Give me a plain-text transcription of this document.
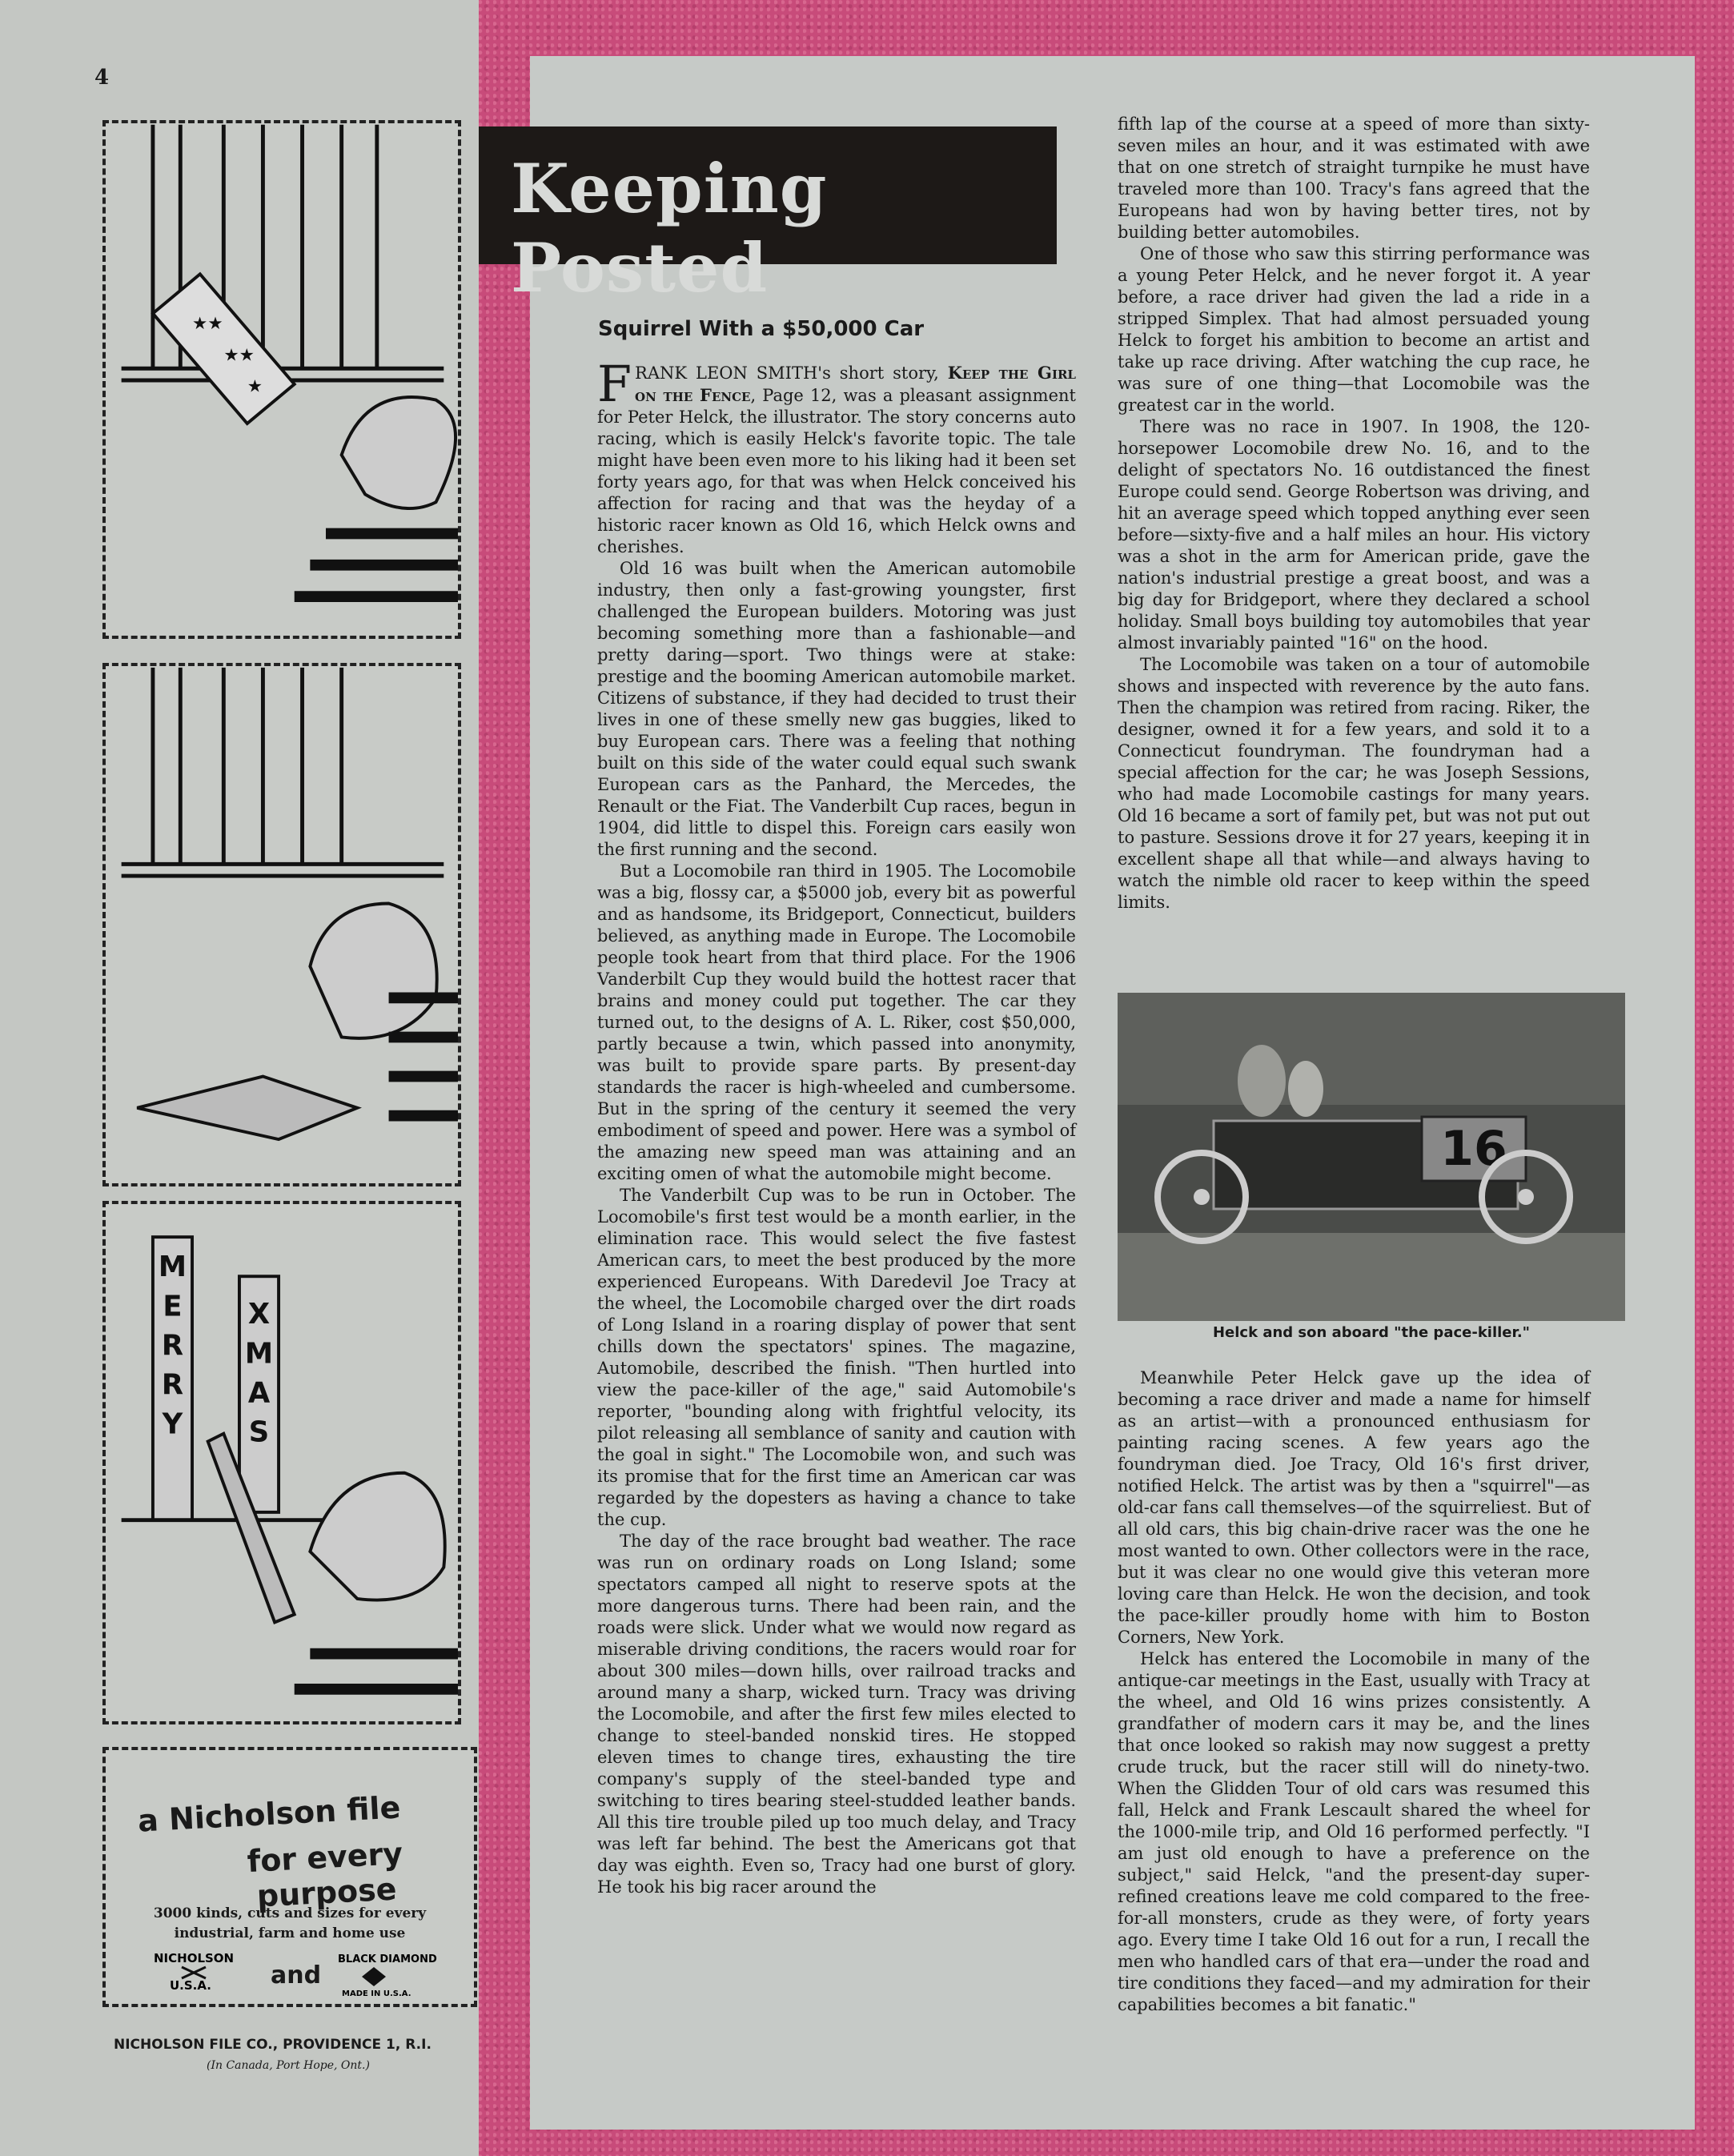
4
★★
★★
★
M
E
R
R
Y
X
M
A
S
a Nicholson file
for every purpose
3000 kinds, cuts and sizes for every industrial, farm and home use
NICHOLSON
U.S.A.
BLACK DIAMOND
MADE IN U.S.A.
and
NICHOLSON FILE CO., PROVIDENCE 1, R.I.
(In Canada, Port Hope, Ont.)
Keeping Posted
Squirrel With a $50,000 Car

FRANK LEON SMITH's short story, Keep the Girl on the Fence, Page 12, was a pleasant assignment for Peter Helck, the illustrator. The story concerns auto racing, which is easily Helck's favorite topic. The tale might have been even more to his liking had it been set forty years ago, for that was when Helck conceived his affection for racing and that was the heyday of a historic racer known as Old 16, which Helck owns and cherishes.

Old 16 was built when the American automobile industry, then only a fast-growing youngster, first challenged the European builders. Motoring was just becoming something more than a fashionable—and pretty daring—sport. Two things were at stake: prestige and the booming American automobile market. Citizens of substance, if they had decided to trust their lives in one of these smelly new gas buggies, liked to buy European cars. There was a feeling that nothing built on this side of the water could equal such swank European cars as the Panhard, the Mercedes, the Renault or the Fiat. The Vanderbilt Cup races, begun in 1904, did little to dispel this. Foreign cars easily won the first running and the second.

But a Locomobile ran third in 1905. The Locomobile was a big, flossy car, a $5000 job, every bit as powerful and as handsome, its Bridgeport, Connecticut, builders believed, as anything made in Europe. The Locomobile people took heart from that third place. For the 1906 Vanderbilt Cup they would build the hottest racer that brains and money could put together. The car they turned out, to the designs of A. L. Riker, cost $50,000, partly because a twin, which passed into anonymity, was built to provide spare parts. By present-day standards the racer is high-wheeled and cumbersome. But in the spring of the century it seemed the very embodiment of speed and power. Here was a symbol of the amazing new speed man was attaining and an exciting omen of what the automobile might become.

The Vanderbilt Cup was to be run in October. The Locomobile's first test would be a month earlier, in the elimination race. This would select the five fastest American cars, to meet the best produced by the more experienced Europeans. With Daredevil Joe Tracy at the wheel, the Locomobile charged over the dirt roads of Long Island in a roaring display of power that sent chills down the spectators' spines. The magazine, Automobile, described the finish. "Then hurtled into view the pace-killer of the age," said Automobile's reporter, "bounding along with frightful velocity, its pilot releasing all semblance of sanity and caution with the goal in sight." The Locomobile won, and such was its promise that for the first time an American car was regarded by the dopesters as having a chance to take the cup.

The day of the race brought bad weather. The race was run on ordinary roads on Long Island; some spectators camped all night to reserve spots at the more dangerous turns. There had been rain, and the roads were slick. Under what we would now regard as miserable driving conditions, the racers would roar for about 300 miles—down hills, over railroad tracks and around many a sharp, wicked turn. Tracy was driving the Locomobile, and after the first few miles elected to change to steel-banded nonskid tires. He stopped eleven times to change tires, exhausting the tire company's supply of the steel-banded type and switching to tires bearing steel-studded leather bands. All this tire trouble piled up too much delay, and Tracy was left far behind. The best the Americans got that day was eighth. Even so, Tracy had one burst of glory. He took his big racer around the

fifth lap of the course at a speed of more than sixty-seven miles an hour, and it was estimated with awe that on one stretch of straight turnpike he must have traveled more than 100. Tracy's fans agreed that the Europeans had won by having better tires, not by building better automobiles.

One of those who saw this stirring performance was a young Peter Helck, and he never forgot it. A year before, a race driver had given the lad a ride in a stripped Simplex. That had almost persuaded young Helck to forget his ambition to become an artist and take up race driving. After watching the cup race, he was sure of one thing—that Locomobile was the greatest car in the world.

There was no race in 1907. In 1908, the 120-horsepower Locomobile drew No. 16, and to the delight of spectators No. 16 outdistanced the finest Europe could send. George Robertson was driving, and hit an average speed which topped anything ever seen before—sixty-five and a half miles an hour. His victory was a shot in the arm for American pride, gave the nation's industrial prestige a great boost, and was a big day for Bridgeport, where they declared a school holiday. Small boys building toy automobiles that year almost invariably painted "16" on the hood.

The Locomobile was taken on a tour of automobile shows and inspected with reverence by the auto fans. Then the champion was retired from racing. Riker, the designer, owned it for a few years, and sold it to a Connecticut foundryman. The foundryman had a special affection for the car; he was Joseph Sessions, who had made Locomobile castings for many years. Old 16 became a sort of family pet, but was not put out to pasture. Sessions drove it for 27 years, keeping it in excellent shape all that while—and always having to watch the nimble old racer to keep within the speed limits.

16
Helck and son aboard "the pace-killer."

Meanwhile Peter Helck gave up the idea of becoming a race driver and made a name for himself as an artist—with a pronounced enthusiasm for painting racing scenes. A few years ago the foundryman died. Joe Tracy, Old 16's first driver, notified Helck. The artist was by then a "squirrel"—as old-car fans call themselves—of the squirreliest. But of all old cars, this big chain-drive racer was the one he most wanted to own. Other collectors were in the race, but it was clear no one would give this veteran more loving care than Helck. He won the decision, and took the pace-killer proudly home with him to Boston Corners, New York.

Helck has entered the Locomobile in many of the antique-car meetings in the East, usually with Tracy at the wheel, and Old 16 wins prizes consistently. A grandfather of modern cars it may be, and the lines that once looked so rakish may now suggest a pretty crude truck, but the racer still will do ninety-two. When the Glidden Tour of old cars was resumed this fall, Helck and Frank Lescault shared the wheel for the 1000-mile trip, and Old 16 performed perfectly. "I am just old enough to have a preference on the subject," said Helck, "and the present-day super-refined creations leave me cold compared to the free-for-all monsters, crude as they were, of forty years ago. Every time I take Old 16 out for a run, I recall the men who handled cars of that era—under the road and tire conditions they faced—and my admiration for their capabilities becomes a bit fanatic."
